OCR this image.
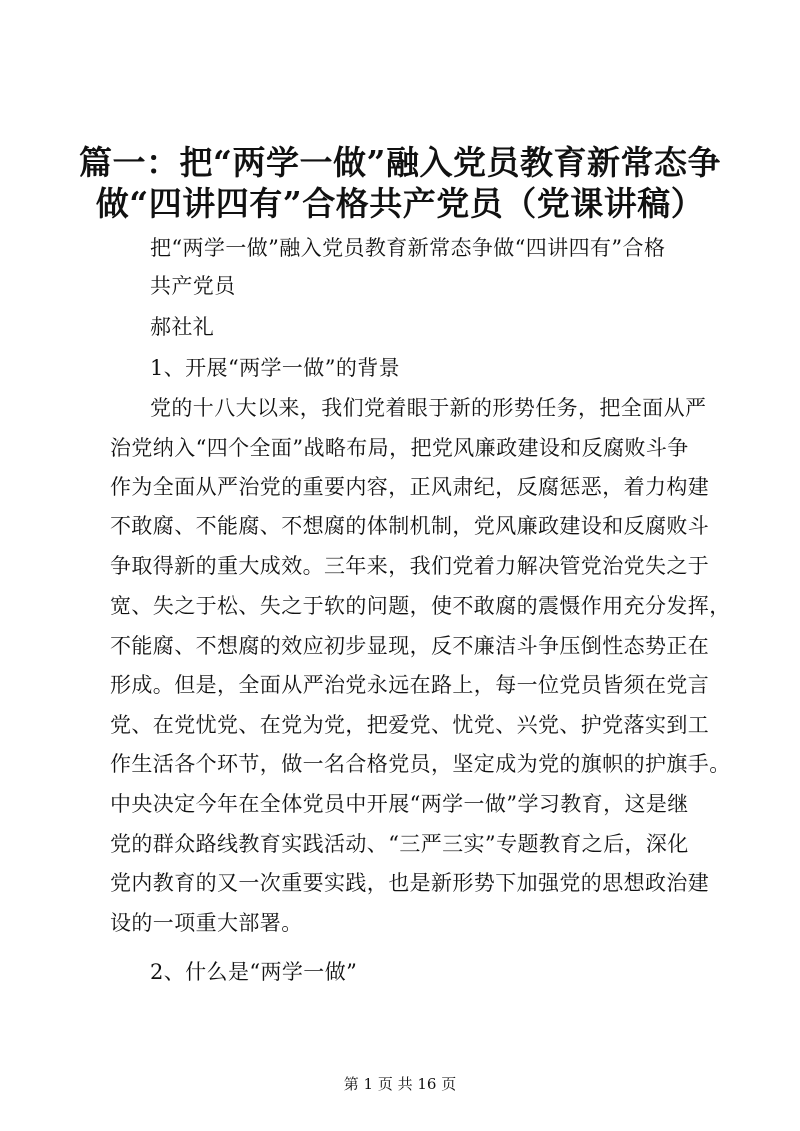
篇一：把“两学一做”融入党员教育新常态争
做“四讲四有”合格共产党员（党课讲稿）
把“两学一做”融入党员教育新常态争做“四讲四有”合格
共产党员
郝社礼
1、开展“两学一做”的背景
党的十八大以来，我们党着眼于新的形势任务，把全面从严
治党纳入“四个全面”战略布局，把党风廉政建设和反腐败斗争
作为全面从严治党的重要内容，正风肃纪，反腐惩恶，着力构建
不敢腐、不能腐、不想腐的体制机制，党风廉政建设和反腐败斗
争取得新的重大成效。三年来，我们党着力解决管党治党失之于
宽、失之于松、失之于软的问题，使不敢腐的震慑作用充分发挥，
不能腐、不想腐的效应初步显现，反不廉洁斗争压倒性态势正在
形成。但是，全面从严治党永远在路上，每一位党员皆须在党言
党、在党忧党、在党为党，把爱党、忧党、兴党、护党落实到工
作生活各个环节，做一名合格党员，坚定成为党的旗帜的护旗手。
中央决定今年在全体党员中开展“两学一做”学习教育，这是继
党的群众路线教育实践活动、“三严三实”专题教育之后，深化
党内教育的又一次重要实践，也是新形势下加强党的思想政治建
设的一项重大部署。
2、什么是“两学一做”
第 1 页 共 16 页
